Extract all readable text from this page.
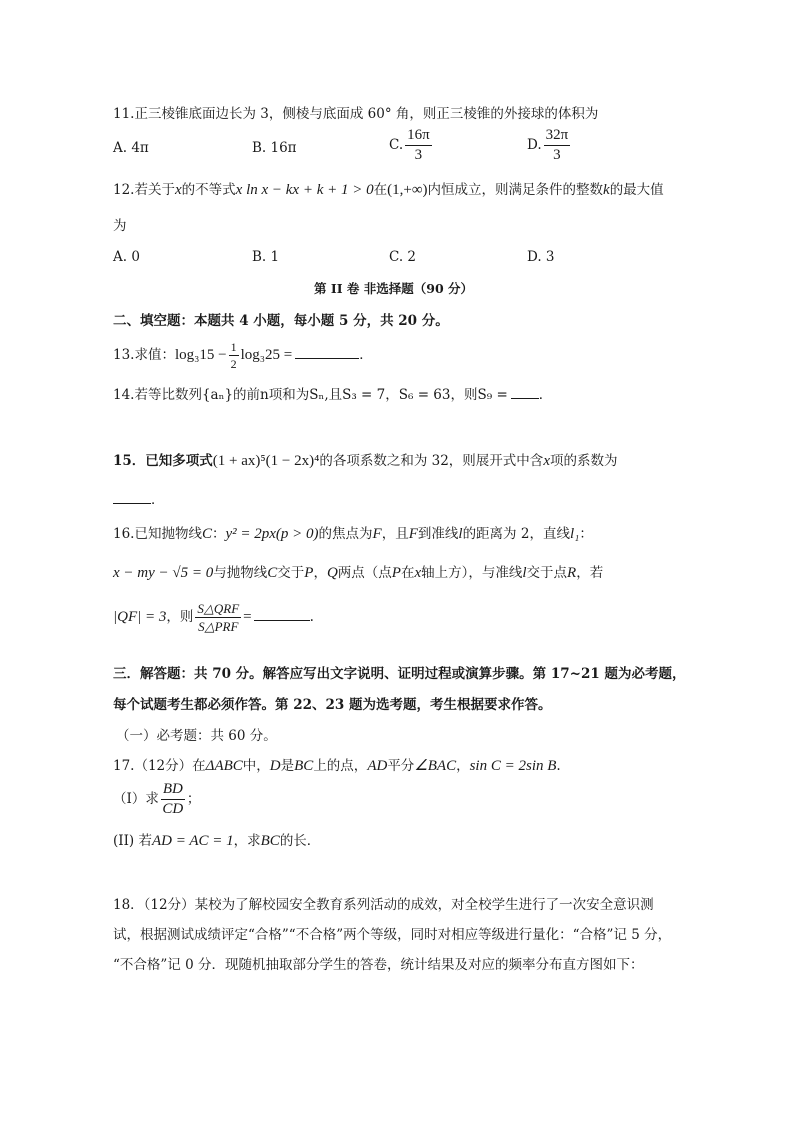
11.正三棱锥底面边长为 3，侧棱与底面成 60° 角，则正三棱锥的外接球的体积为
A. 4π	B. 16π	C. $\frac{16\pi}{3}$	D. $\frac{32\pi}{3}$
12.若关于x的不等式x ln x − kx + k + 1 > 0在(1,+∞)内恒成立，则满足条件的整数k的最大值
为
A. 0	B. 1	C. 2	D. 3
第 II 卷 非选择题（90 分）
二、填空题：本题共 4 小题，每小题 5 分，共 20 分。
13.求值：$\log_315 - \frac{1}{2} \log_325$ =	．
14.若等比数列{aₙ}的前n项和为Sₙ,且S₃ = 7，S₆ = 63，则S₉ = ．
15．已知多项式(1 + ax)⁵(1 − 2x)⁴的各项系数之和为 32，则展开式中含x项的系数为
．
16.已知抛物线C：y² = 2px(p > 0)的焦点为F，且F到准线l的距离为 2，直线l₁：
x − my − √5 = 0与抛物线C交于P，Q两点（点P在x轴上方），与准线l交于点R，若
|QF| = 3，则 $\frac{\text{S△QRF}}{\text{S△PRF}}$ =	.
三．解答题：共 70 分。解答应写出文字说明、证明过程或演算步骤。第 17~21 题为必考题，
每个试题考生都必须作答。第 22、23 题为选考题，考生根据要求作答。
（一）必考题：共 60 分。
17.（12分）在ΔABC中，D是BC上的点，AD平分∠BAC，sin C = 2sin B.
（I）求 $\frac{BD}{CD}$ ；
(II) 若AD = AC = 1，求BC的长．
18．（12分）某校为了解校园安全教育系列活动的成效，对全校学生进行了一次安全意识测
试，根据测试成绩评定“合格”“不合格”两个等级，同时对相应等级进行量化：“合格”记 5 分，
“不合格”记 0 分．现随机抽取部分学生的答卷，统计结果及对应的频率分布直方图如下：
